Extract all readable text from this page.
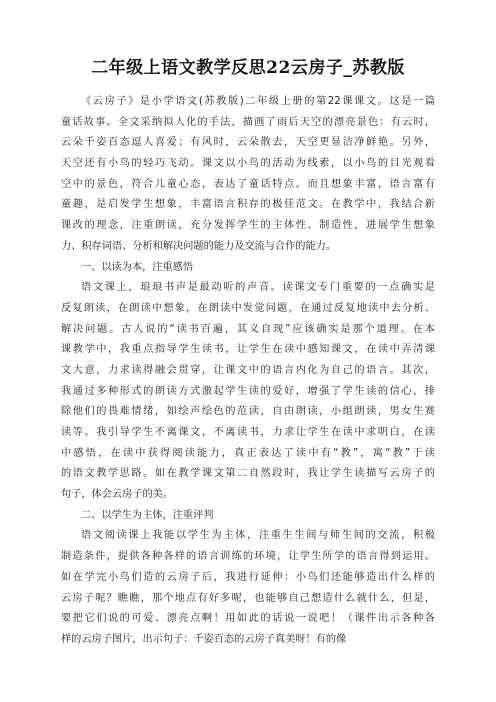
二年级上语文教学反思22云房子_苏教版
《云房子》是小学语文(苏教版)二年级上册的第22课课文。这是一篇
童话故事。全文采纳拟人化的手法，描画了雨后天空的漂亮景色：有云时，
云朵千姿百态逗人喜爱；有风时，云朵散去，天空更显洁净鲜艳。另外，
天空还有小鸟的轻巧飞动。课文以小鸟的活动为线索，以小鸟的目光观看
空中的景色，符合儿童心态，表达了童话特点。而且想象丰富，语言富有
童趣，是启发学生想象，丰富语言积存的极佳范文。在教学中，我结合新
课改的理念，注重朗读，充分发挥学生的主体性、制造性，进展学生想象
力、积存词语、分析和解决问题的能力及交流与合作的能力。
一、以读为本，注重感悟
语文课上，琅琅书声是最动听的声音。读课文专门重要的一点确实是
反复朗读，在朗读中想象，在朗读中发觉问题，在通过反复地读中去分析、
解决问题。古人说的“读书百遍，其义自现”应该确实是那个道理。在本
课教学中，我重点指导学生读书，让学生在读中感知课文，在读中弄清课
文大意，力求读得融会贯穿，让课文中的语言内化为自己的语言。其次，
我通过多种形式的朗读方式激起学生读的爱好，增强了学生读的信心，排
除他们的畏难情绪，如绘声绘色的范读，自由朗读，小组朗读，男女生赛
读等。我引导学生不离课文，不离读书，力求让学生在读中求明白，在读
中感悟，在读中获得阅读能力，真正表达了读中有“教”，寓“教”于读
的语文教学思路。如在教学课文第二自然段时，我让学生读描写云房子的
句子，体会云房子的美。
二、以学生为主体，注重评判
语文阅读课上我能以学生为主体，注重生生间与师生间的交流，积极
制造条件，提供各种各样的语言训练的环境，让学生所学的语言得到运用。
如在学完小鸟们造的云房子后，我进行延伸：小鸟们还能够造出什么样的
云房子呢？瞧瞧，那个地点有好多呢，也能够自己想造什么就什么，但是，
要把它们说的可爱、漂亮点啊！用如此的话说一说吧！（课件出示各种各
样的云房子图片，出示句子：千姿百态的云房子真美呀！有的像
